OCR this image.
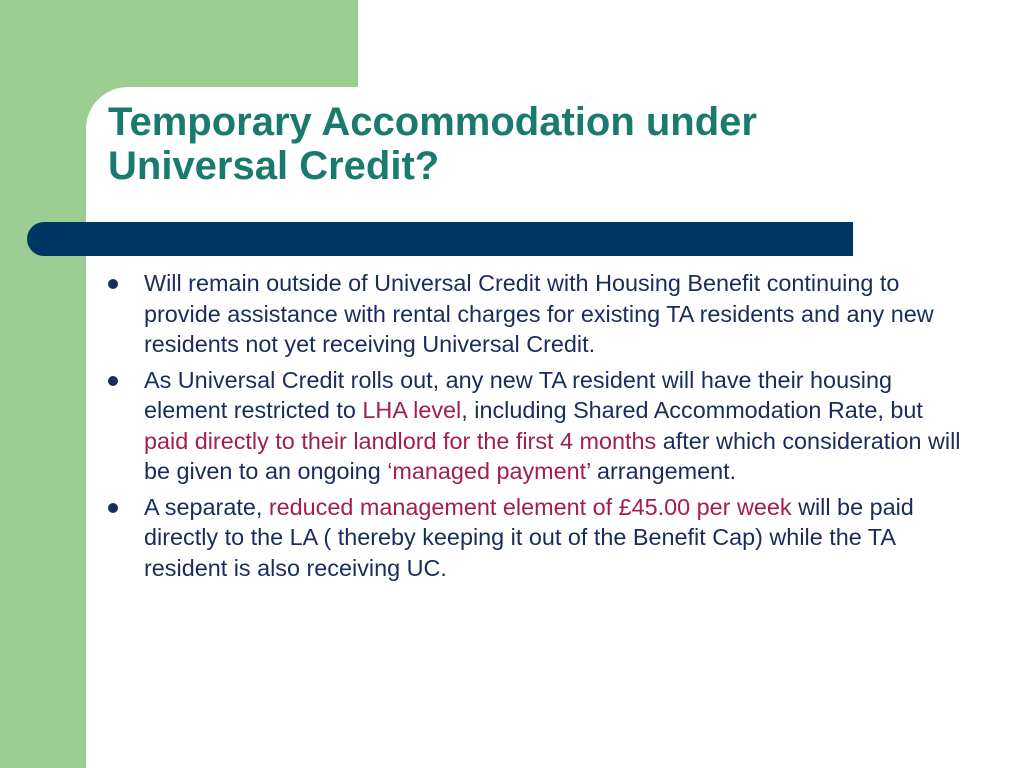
Temporary Accommodation under Universal Credit?
Will remain outside of Universal Credit with Housing Benefit continuing to provide assistance with rental charges for existing TA residents and any new residents not yet receiving Universal Credit.
As Universal Credit rolls out, any new TA resident will have their housing element restricted to LHA level, including Shared Accommodation Rate, but paid directly to their landlord for the first 4 months after which consideration will be given to an ongoing ‘managed payment’ arrangement.
A separate, reduced management element of £45.00 per week will be paid directly to the LA ( thereby keeping it out of the Benefit Cap) while the TA resident is also receiving UC.
